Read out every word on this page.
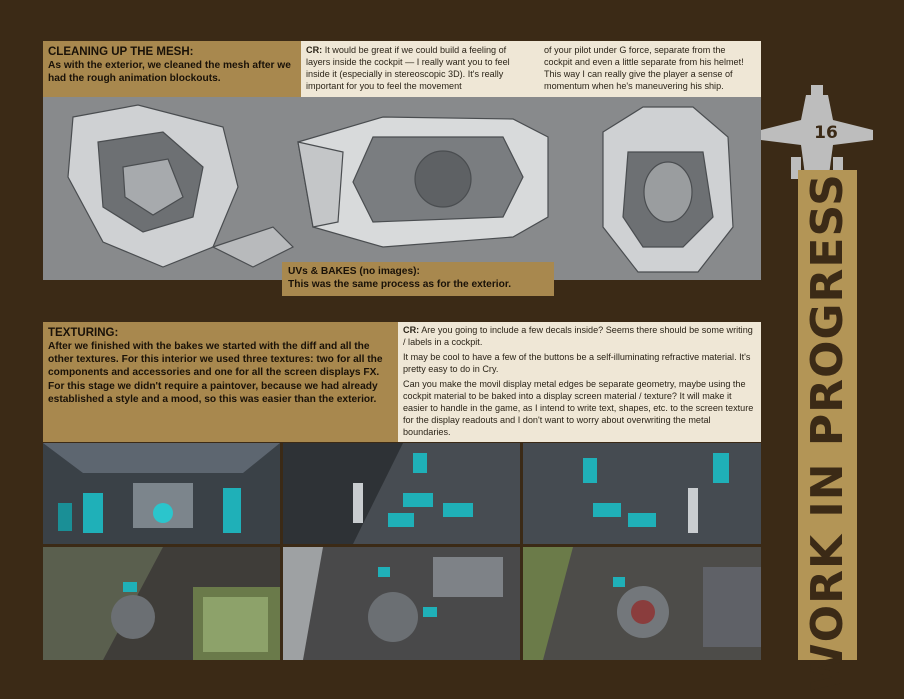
CLEANING UP THE MESH:
As with the exterior, we cleaned the mesh after we had the rough animation blockouts.
CR: It would be great if we could build a feeling of layers inside the cockpit — I really want you to feel inside it (especially in stereoscopic 3D). It's really important for you to feel the movement
of your pilot under G force, separate from the cockpit and even a little separate from his helmet! This way I can really give the player a sense of momentum when he's maneuvering his ship.
UVs & BAKES (no images):
This was the same process as for the exterior.
TEXTURING:
After we finished with the bakes we started with the diff and all the other textures. For this interior we used three textures: two for all the components and accessories and one for all the screen displays FX. For this stage we didn't require a paintover, because we had already established a style and a mood, so this was easier than the exterior.
CR: Are you going to include a few decals inside? Seems there should be some writing / labels in a cockpit.
It may be cool to have a few of the buttons be a self-illuminating refractive material. It's pretty easy to do in Cry.
Can you make the movil display metal edges be separate geometry, maybe using the cockpit material to be baked into a display screen material / texture? It will make it easier to handle in the game, as I intend to write text, shapes, etc. to the screen texture for the display readouts and I don't want to worry about overwriting the metal boundaries.
16
WORK IN PROGRESS
